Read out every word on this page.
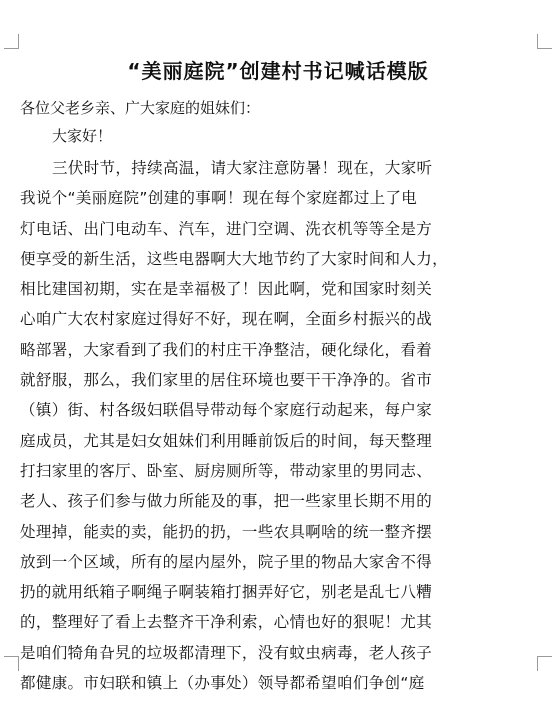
“美丽庭院”创建村书记喊话模版

各位父老乡亲、广大家庭的姐妹们：

大家好！

三伏时节，持续高温，请大家注意防暑！现在，大家听
我说个“美丽庭院”创建的事啊！现在每个家庭都过上了电
灯电话、出门电动车、汽车，进门空调、洗衣机等等全是方
便享受的新生活，这些电器啊大大地节约了大家时间和人力，
相比建国初期，实在是幸福极了！因此啊，党和国家时刻关
心咱广大农村家庭过得好不好，现在啊，全面乡村振兴的战
略部署，大家看到了我们的村庄干净整洁，硬化绿化，看着
就舒服，那么，我们家里的居住环境也要干干净净的。省市
（镇）街、村各级妇联倡导带动每个家庭行动起来，每户家
庭成员，尤其是妇女姐妹们利用睡前饭后的时间，每天整理
打扫家里的客厅、卧室、厨房厕所等，带动家里的男同志、
老人、孩子们参与做力所能及的事，把一些家里长期不用的
处理掉，能卖的卖，能扔的扔，一些农具啊啥的统一整齐摆
放到一个区域，所有的屋内屋外，院子里的物品大家舍不得
扔的就用纸箱子啊绳子啊装箱打捆弄好它，别老是乱七八糟
的，整理好了看上去整齐干净利索，心情也好的狠呢！尤其
是咱们犄角旮旯的垃圾都清理下，没有蚊虫病毒，老人孩子
都健康。市妇联和镇上（办事处）领导都希望咱们争创“庭
